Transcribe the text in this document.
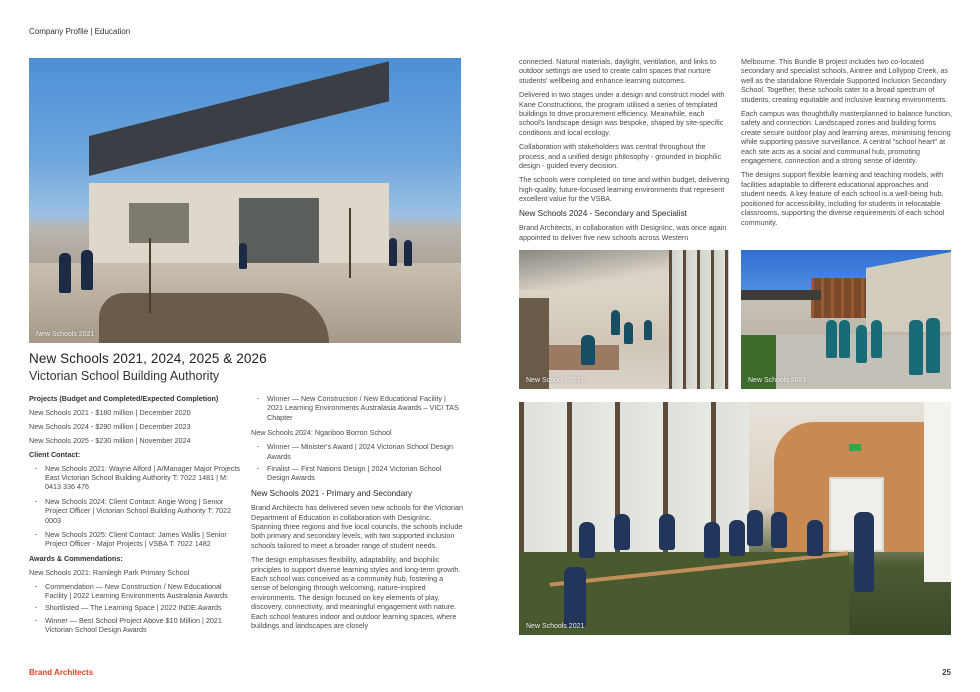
Company Profile | Education
New Schools 2021
New Schools 2021, 2024, 2025 & 2026
Victorian School Building Authority
Projects (Budget and Completed/Expected Completion)
New Schools 2021 - $180 million | December 2020
New Schools 2024 - $290 million | December 2023
New Schools 2025 - $230 million | November 2024
Client Contact:
· New Schools 2021: Wayne Alford | A/Manager Major Projects East Victorian School Building Authority T: 7022 1481 | M: 0413 336 476
· New Schools 2024: Client Contact: Angie Wong | Senior Project Officer | Victorian School Building Authority T: 7022 0003
· New Schools 2025: Client Contact: James Wallis | Senior Project Officer - Major Projects | VSBA T: 7022 1482
Awards & Commendations:
New Schools 2021: Ramlegh Park Primary School
· Commendation — New Construction / New Educational Facility | 2022 Learning Environments Australasia Awards
· Shortlisted — The Learning Space | 2022 INDE.Awards
· Winner — Best School Project Above $10 Million | 2021 Victorian School Design Awards
· Winner — New Construction / New Educational Facility | 2021 Learning Environments Australasia Awards – VIC/ TAS Chapter
New Schools 2024: Nganboo Borron School
· Winner — Minister's Award | 2024 Victorian School Design Awards
· Finalist — First Nations Design | 2024 Victorian School Design Awards
New Schools 2021 - Primary and Secondary

Brand Architects has delivered seven new schools for the Victorian Department of Education in collaboration with DesignInc. Spanning three regions and five local councils, the schools include both primary and secondary levels, with two supported inclusion schools tailored to meet a broader range of student needs.

The design emphasises flexibility, adaptability, and biophilic principles to support diverse learning styles and long-term growth. Each school was conceived as a community hub, fostering a sense of belonging through welcoming, nature-inspired environments. The design focused on key elements of play, discovery, connectivity, and meaningful engagement with nature. Each school features indoor and outdoor learning spaces, where buildings and landscapes are closely

connected. Natural materials, daylight, ventilation, and links to outdoor settings are used to create calm spaces that nurture students' wellbeing and enhance learning outcomes.

Delivered in two stages under a design and construct model with Kane Constructions, the program utilised a series of templated buildings to drive procurement efficiency. Meanwhile, each school's landscape design was bespoke, shaped by site-specific conditions and local ecology.

Collaboration with stakeholders was central throughout the process, and a unified design philosophy - grounded in biophilic design - guided every decision.

The schools were completed on time and within budget, delivering high-quality, future-focused learning environments that represent excellent value for the VSBA.

New Schools 2024 - Secondary and Specialist

Brand Architects, in collaboration with DesignInc, was once again appointed to deliver five new schools across Western

Melbourne. This Bundle B project includes two co-located secondary and specialist schools, Aintree and Lollypop Creek, as well as the standalone Riverdale Supported Inclusion Secondary School. Together, these schools cater to a broad spectrum of students, creating equitable and inclusive learning environments.

Each campus was thoughtfully masterplanned to balance function, safety and connection. Landscaped zones and building forms create secure outdoor play and learning areas, minimising fencing while supporting passive surveillance. A central "school heart" at each site acts as a social and communal hub, promoting engagement, connection and a strong sense of identity.

The designs support flexible learning and teaching models, with facilities adaptable to different educational approaches and student needs. A key feature of each school is a well-being hub, positioned for accessibility, including for students in relocatable classrooms, supporting the diverse requirements of each school community.

New Schools 2021	New Schools 2021
New Schools 2021
Brand Architects	25
